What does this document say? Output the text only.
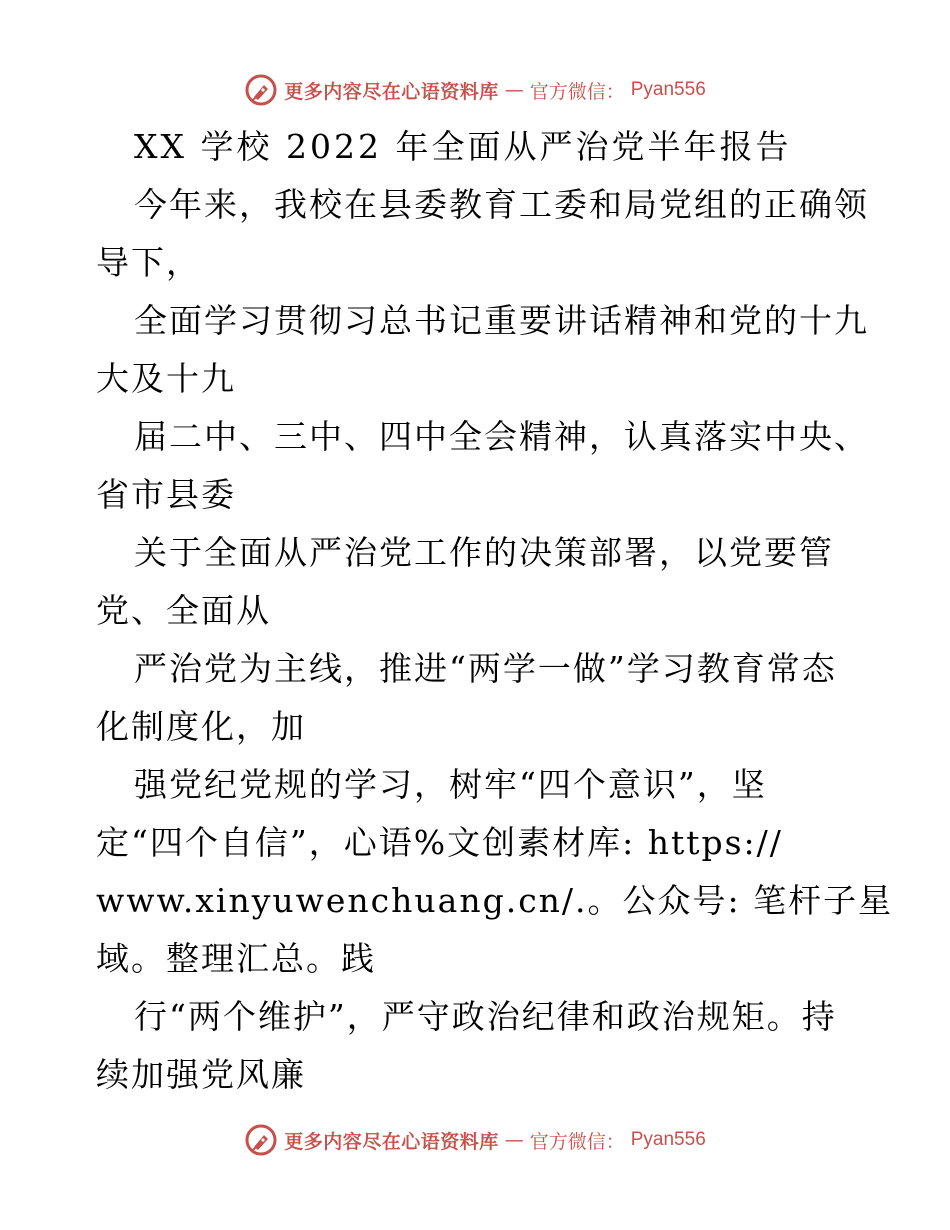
更多内容尽在心语资料库 — 官方微信： Pyan556
XX 学校 2022 年全面从严治党半年报告
今年来，我校在县委教育工委和局党组的正确领
导下，
全面学习贯彻习总书记重要讲话精神和党的十九
大及十九
届二中、三中、四中全会精神，认真落实中央、
省市县委
关于全面从严治党工作的决策部署，以党要管
党、全面从
严治党为主线，推进“两学一做”学习教育常态
化制度化，加
强党纪党规的学习，树牢“四个意识”，坚
定“四个自信”，心语%文创素材库: https://
www.xinyuwenchuang.cn/.。公众号: 笔杆子星
域。整理汇总。践
行“两个维护”，严守政治纪律和政治规矩。持
续加强党风廉
更多内容尽在心语资料库 — 官方微信： Pyan556
